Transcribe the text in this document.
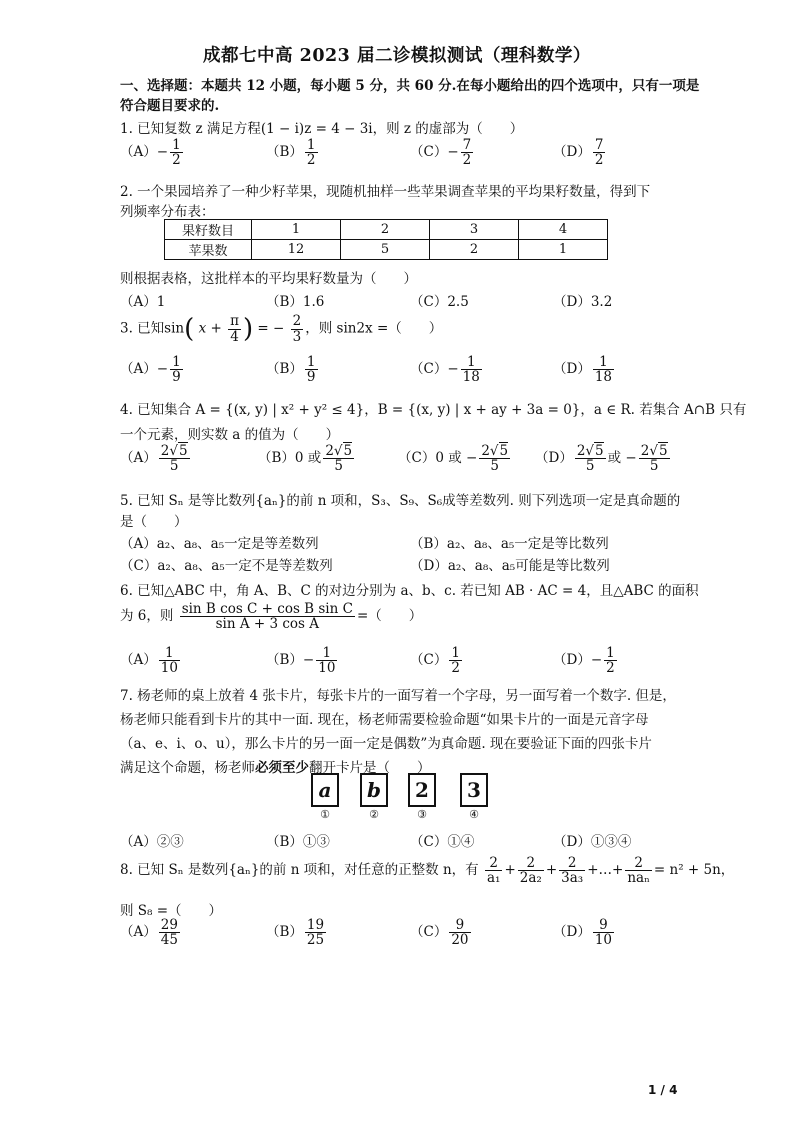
成都七中高 2023 届二诊模拟测试（理科数学）
一、选择题：本题共 12 小题，每小题 5 分，共 60 分.在每小题给出的四个选项中，只有一项是
符合题目要求的.
1. 已知复数 z 满足方程(1 − i)z = 4 − 3i，则 z 的虚部为（　　）
$(A)- \frac{1}{2}$	$(B) \frac{1}{2}$	$(C)- \frac{7}{2}$	$(D) \frac{7}{2}$
2. 一个果园培养了一种少籽苹果，现随机抽样一些苹果调查苹果的平均果籽数量，得到下
列频率分布表：
果籽数目	1	2	3	4
苹果数	12	5	2	1
则根据表格，这批样本的平均果籽数量为（　　）
（A）1	（B）1.6	（C）2.5	（D）3.2
3. 已知sin( $x + \frac{\pi}{4}$ ) = − $\frac{2}{3}$ ，则 sin2x =（　　）
$(A)- \frac{1}{9}$	$(B) \frac{1}{9}$	$(C)- \frac{1}{18}$	$(D) \frac{1}{18}$
4. 已知集合 A = {(x, y) | x² + y² ≤ 4}，B = {(x, y) | x + ay + 3a = 0}，a ∈ R. 若集合 A∩B 只有
一个元素，则实数 a 的值为（　　）
$(A) \frac{2√5}{5}$	（B）0 或 $\frac{2√5}{5}$	（C）0 或 − $\frac{2√5}{5} (D) \frac{2√5}{5}$ 或 − $\frac{2√5}{5}$
5. 已知 Sₙ 是等比数列{aₙ}的前 n 项和，S₃、S₉、S₆成等差数列. 则下列选项一定是真命题的
是（　　）
（A）a₂、a₈、a₅一定是等差数列	（B）a₂、a₈、a₅一定是等比数列
（C）a₂、a₈、a₅一定不是等差数列	（D）a₂、a₈、a₅可能是等比数列
6. 已知△ABC 中，角 A、B、C 的对边分别为 a、b、c. 若已知 AB · AC = 4，且△ABC 的面积
为 6，则 $\frac{\text{sin B cos C + cos B sin C}}{\text{sin A + 3 cos A}}$ =（　　）
$(A) \frac{1}{10}$	$(B)- \frac{1}{10}$	$(C) \frac{1}{2}$	$(D)- \frac{1}{2}$
7. 杨老师的桌上放着 4 张卡片，每张卡片的一面写着一个字母，另一面写着一个数字. 但是，
杨老师只能看到卡片的其中一面. 现在，杨老师需要检验命题“如果卡片的一面是元音字母
（a、e、i、o、u），那么卡片的另一面一定是偶数”为真命题. 现在要验证下面的四张卡片
满足这个命题，杨老师必须至少翻开卡片是（　　）
a	b	2	3
①	②	③	④
（A）②③	（B）①③	（C）①④	（D）①③④
8. 已知 Sₙ 是数列{aₙ}的前 n 项和，对任意的正整数 n，有 $\frac{2}{\text{a₁}} + \frac{2}{\text{2a₂}} + \frac{2}{\text{3a₃}}$ +…+ $\frac{2}{\text{naₙ}} = n^2 + 5n$，
则 S₈ =（　　）
$(A) \frac{29}{45}$	$(B) \frac{19}{25}$	$(C) \frac{9}{20}$	$(D) \frac{9}{10}$
1 / 4
